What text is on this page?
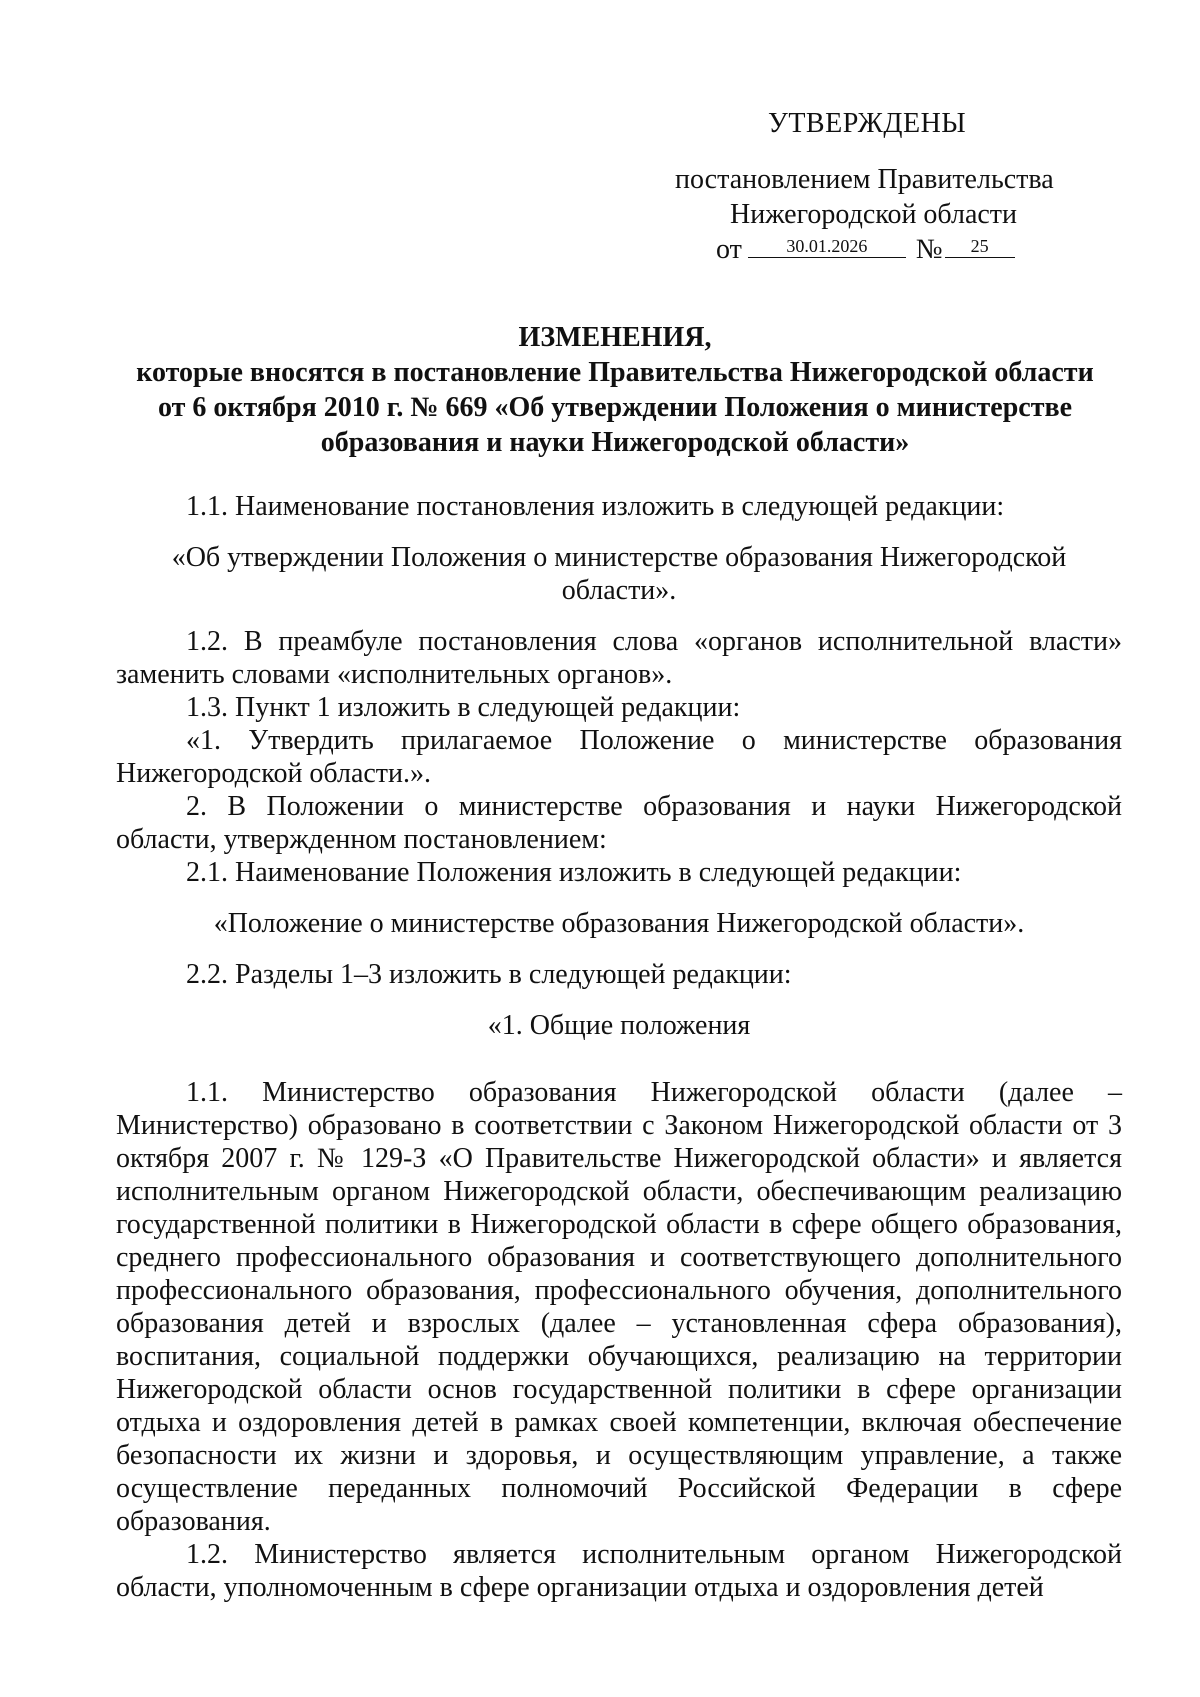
УТВЕРЖДЕНЫ
постановлением Правительства
Нижегородской области
от 30.01.2026 № 25
ИЗМЕНЕНИЯ,
которые вносятся в постановление Правительства Нижегородской области
от 6 октября 2010 г. № 669 «Об утверждении Положения о министерстве
образования и науки Нижегородской области»

1.1. Наименование постановления изложить в следующей редакции:

«Об утверждении Положения о министерстве образования Нижегородской области».

1.2. В преамбуле постановления слова «органов исполнительной власти» заменить словами «исполнительных органов».

1.3. Пункт 1 изложить в следующей редакции:

«1. Утвердить прилагаемое Положение о министерстве образования Нижегородской области.».

2. В Положении о министерстве образования и науки Нижегородской области, утвержденном постановлением:

2.1. Наименование Положения изложить в следующей редакции:

«Положение о министерстве образования Нижегородской области».

2.2. Разделы 1–3 изложить в следующей редакции:

«1. Общие положения

1.1. Министерство образования Нижегородской области (далее – Министерство) образовано в соответствии с Законом Нижегородской области от 3 октября 2007 г. № 129-З «О Правительстве Нижегородской области» и является исполнительным органом Нижегородской области, обеспечивающим реализацию государственной политики в Нижегородской области в сфере общего образования, среднего профессионального образования и соответствующего дополнительного профессионального образования, профессионального обучения, дополнительного образования детей и взрослых (далее – установленная сфера образования), воспитания, социальной поддержки обучающихся, реализацию на территории Нижегородской области основ государственной политики в сфере организации отдыха и оздоровления детей в рамках своей компетенции, включая обеспечение безопасности их жизни и здоровья, и осуществляющим управление, а также осуществление переданных полномочий Российской Федерации в сфере образования.

1.2. Министерство является исполнительным органом Нижегородской области, уполномоченным в сфере организации отдыха и оздоровления детей
